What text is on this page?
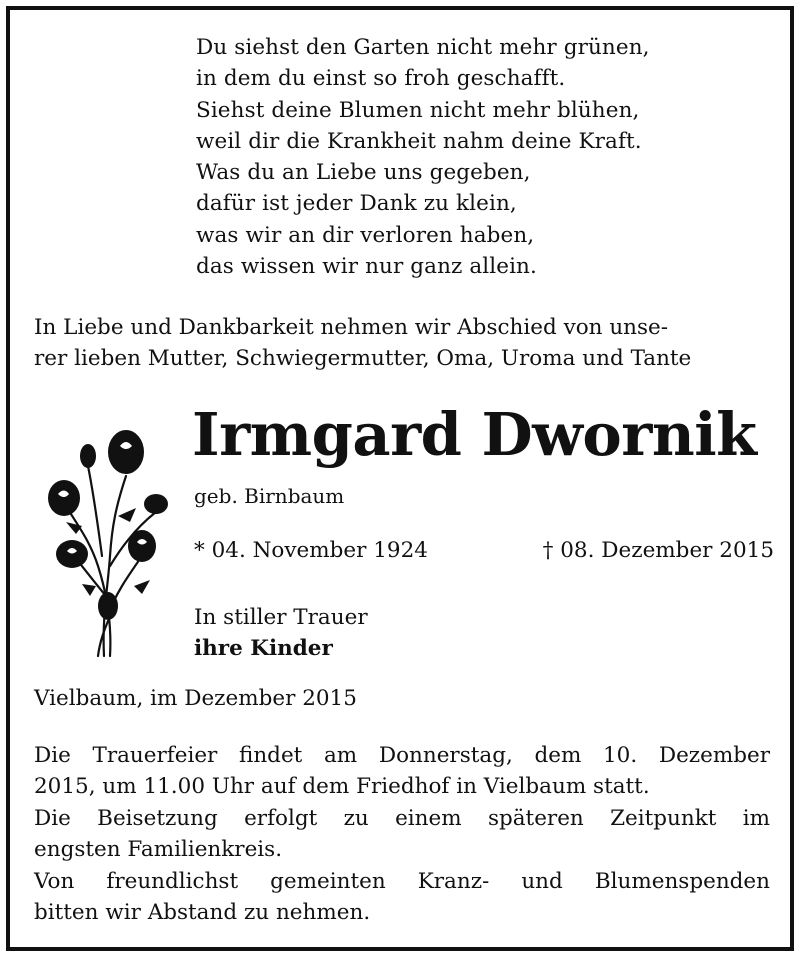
Du siehst den Garten nicht mehr grünen,
in dem du einst so froh geschafft.
Siehst deine Blumen nicht mehr blühen,
weil dir die Krankheit nahm deine Kraft.
Was du an Liebe uns gegeben,
dafür ist jeder Dank zu klein,
was wir an dir verloren haben,
das wissen wir nur ganz allein.
In Liebe und Dankbarkeit nehmen wir Abschied von unse-
rer lieben Mutter, Schwiegermutter, Oma, Uroma und Tante
Irmgard Dwornik
geb. Birnbaum
* 04. November 1924	† 08. Dezember 2015
In stiller Trauer
ihre Kinder
Vielbaum, im Dezember 2015
Die Trauerfeier findet am Donnerstag, dem 10. Dezember
2015, um 11.00 Uhr auf dem Friedhof in Vielbaum statt.
Die Beisetzung erfolgt zu einem späteren Zeitpunkt im
engsten Familienkreis.
Von freundlichst gemeinten Kranz- und Blumenspenden
bitten wir Abstand zu nehmen.
